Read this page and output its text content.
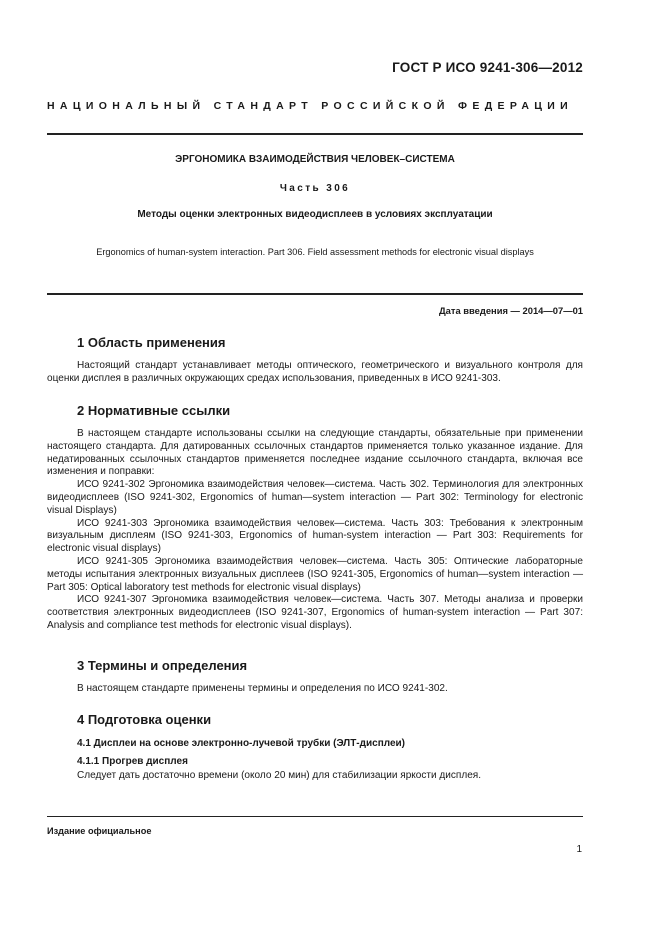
ГОСТ Р ИСО 9241-306—2012
НАЦИОНАЛЬНЫЙ СТАНДАРТ РОССИЙСКОЙ ФЕДЕРАЦИИ
ЭРГОНОМИКА ВЗАИМОДЕЙСТВИЯ ЧЕЛОВЕК–СИСТЕМА
Часть 306
Методы оценки электронных видеодисплеев в условиях эксплуатации
Ergonomics of human-system interaction. Part 306. Field assessment methods for electronic visual displays
Дата введения — 2014—07—01
1 Область применения

Настоящий стандарт устанавливает методы оптического, геометрического и визуального контроля для оценки дисплея в различных окружающих средах использования, приведенных в ИСО 9241-303.

2 Нормативные ссылки

В настоящем стандарте использованы ссылки на следующие стандарты, обязательные при применении настоящего стандарта. Для датированных ссылочных стандартов применяется только указанное издание. Для недатированных ссылочных стандартов применяется последнее издание ссылочного стандарта, включая все изменения и поправки:

ИСО 9241-302 Эргономика взаимодействия человек—система. Часть 302. Терминология для электронных видеодисплеев (ISO 9241-302, Ergonomics of human—system interaction — Part 302: Terminology for electronic visual Displays)

ИСО 9241-303 Эргономика взаимодействия человек—система. Часть 303: Требования к электронным визуальным дисплеям (ISO 9241-303, Ergonomics of human-system interaction — Part 303: Requirements for electronic visual displays)

ИСО 9241-305 Эргономика взаимодействия человек—система. Часть 305: Оптические лабораторные методы испытания электронных визуальных дисплеев (ISO 9241-305, Ergonomics of human—system interaction — Part 305: Optical laboratory test methods for electronic visual displays)

ИСО 9241-307 Эргономика взаимодействия человек—система. Часть 307. Методы анализа и проверки соответствия электронных видеодисплеев (ISO 9241-307, Ergonomics of human-system interaction — Part 307: Analysis and compliance test methods for electronic visual displays).

3 Термины и определения

В настоящем стандарте применены термины и определения по ИСО 9241-302.

4 Подготовка оценки
4.1 Дисплеи на основе электронно-лучевой трубки (ЭЛТ-дисплеи)
4.1.1 Прогрев дисплея

Следует дать достаточно времени (около 20 мин) для стабилизации яркости дисплея.

Издание официальное
1
